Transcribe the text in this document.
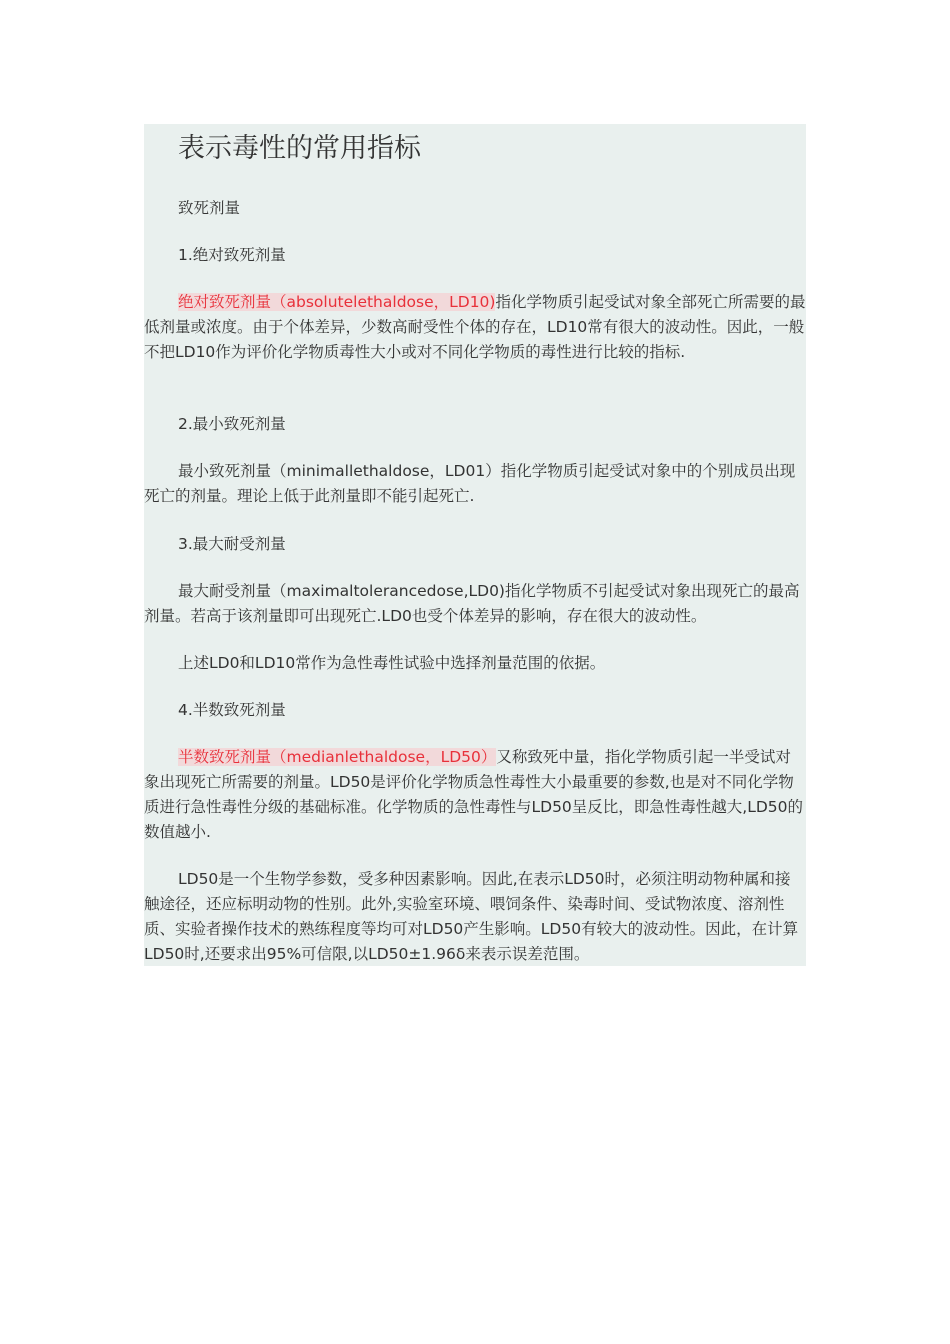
表示毒性的常用指标

致死剂量

1.绝对致死剂量

绝对致死剂量（absolutelethaldose，LD10)指化学物质引起受试对象全部死亡所需要的最低剂量或浓度。由于个体差异，少数高耐受性个体的存在，LD10常有很大的波动性。因此，一般不把LD10作为评价化学物质毒性大小或对不同化学物质的毒性进行比较的指标.

2.最小致死剂量

最小致死剂量（minimallethaldose，LD01）指化学物质引起受试对象中的个别成员出现死亡的剂量。理论上低于此剂量即不能引起死亡.

3.最大耐受剂量

最大耐受剂量（maximaltolerancedose,LD0)指化学物质不引起受试对象出现死亡的最高剂量。若高于该剂量即可出现死亡.LD0也受个体差异的影响，存在很大的波动性。

上述LD0和LD10常作为急性毒性试验中选择剂量范围的依据。

4.半数致死剂量

半数致死剂量（medianlethaldose，LD50）又称致死中量，指化学物质引起一半受试对象出现死亡所需要的剂量。LD50是评价化学物质急性毒性大小最重要的参数,也是对不同化学物质进行急性毒性分级的基础标准。化学物质的急性毒性与LD50呈反比，即急性毒性越大,LD50的数值越小.

LD50是一个生物学参数，受多种因素影响。因此,在表示LD50时，必须注明动物种属和接触途径，还应标明动物的性别。此外,实验室环境、喂饲条件、染毒时间、受试物浓度、溶剂性质、实验者操作技术的熟练程度等均可对LD50产生影响。LD50有较大的波动性。因此，在计算LD50时,还要求出95%可信限,以LD50±1.96δ来表示误差范围。
